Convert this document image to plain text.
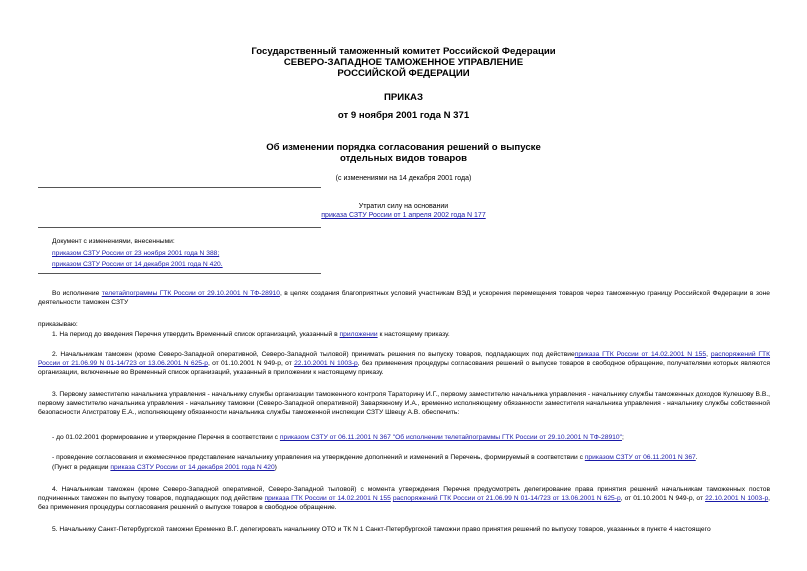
Государственный таможенный комитет Российской Федерации
СЕВЕРО-ЗАПАДНОЕ ТАМОЖЕННОЕ УПРАВЛЕНИЕ
РОССИЙСКОЙ ФЕДЕРАЦИИ
ПРИКАЗ
от 9 ноября 2001 года N 371
Об изменении порядка согласования решений о выпуске
отдельных видов товаров
(с изменениями на 14 декабря 2001 года)
Утратил силу на основании
приказа СЗТУ России от 1 апреля 2002 года N 177
Документ с изменениями, внесенными:
приказом СЗТУ России от 23 ноября 2001 года N 388;
приказом СЗТУ России от 14 декабря 2001 года N 420.
Во исполнение телетайпограммы ГТК России от 29.10.2001 N ТФ-28910, в целях создания благоприятных условий участникам ВЭД и ускорения перемещения товаров через таможенную границу Российской Федерации в зоне деятельности таможен СЗТУ
приказываю:
1. На период до введения Перечня утвердить Временный список организаций, указанный в приложении к настоящему приказу.
2. Начальникам таможен (кроме Северо-Западной оперативной, Северо-Западной тыловой) принимать решения по выпуску товаров, подпадающих под действиеприказа ГТК России от 14.02.2001 N 155, распоряжений ГТК России от 21.06.99 N 01-14/723 от 13.06.2001 N 625-р, от 01.10.2001 N 949-р, от 22.10.2001 N 1003-р, без применения процедуры согласования решений о выпуске товаров в свободное обращение, получателями которых являются организации, включенные во Временный список организаций, указанный в приложении к настоящему приказу.
3. Первому заместителю начальника управления - начальнику службы организации таможенного контроля Таратορину И.Г., первому заместителю начальника управления - начальнику службы таможенных доходов Кулешову В.В., первому заместителю начальника управления - начальнику таможни (Северо-Западной оперативной) Заваряжному И.А., временно исполняющему обязанности заместителя начальника управления - начальнику службы собственной безопасности Агистратову Е.А., исполняющему обязанности начальника службы таможенной инспекции СЗТУ Швецу А.В. обеспечить:
- до 01.02.2001 формирование и утверждение Перечня в соответствии с приказом СЗТУ от 06.11.2001 N 367 "Об исполнении телетайпограммы ГТК России от 29.10.2001 N ТФ-28910";
- проведение согласования и ежемесячное представление начальнику управления на утверждение дополнений и изменений в Перечень, формируемый в соответствии с приказом СЗТУ от 06.11.2001 N 367.
(Пункт в редакции приказа СЗТУ России от 14 декабря 2001 года N 420)
4. Начальникам таможен (кроме Северо-Западной оперативной, Северо-Западной тыловой) с момента утверждения Перечня предусмотреть делегирование права принятия решений начальникам таможенных постов подчиненных таможен по выпуску товаров, подпадающих под действие приказа ГТК России от 14.02.2001 N 155 распоряжений ГТК России от 21.06.99 N 01-14/723 от 13.06.2001 N 625-р, от 01.10.2001 N 949-р, от 22.10.2001 N 1003-р, без применения процедуры согласования решений о выпуске товаров в свободное обращение.
5. Начальнику Санкт-Петербургской таможни Еременко В.Г. делегировать начальнику ОТО и ТК N 1 Санкт-Петербургской таможни право принятия решений по выпуску товаров, указанных в пункте 4 настоящего
